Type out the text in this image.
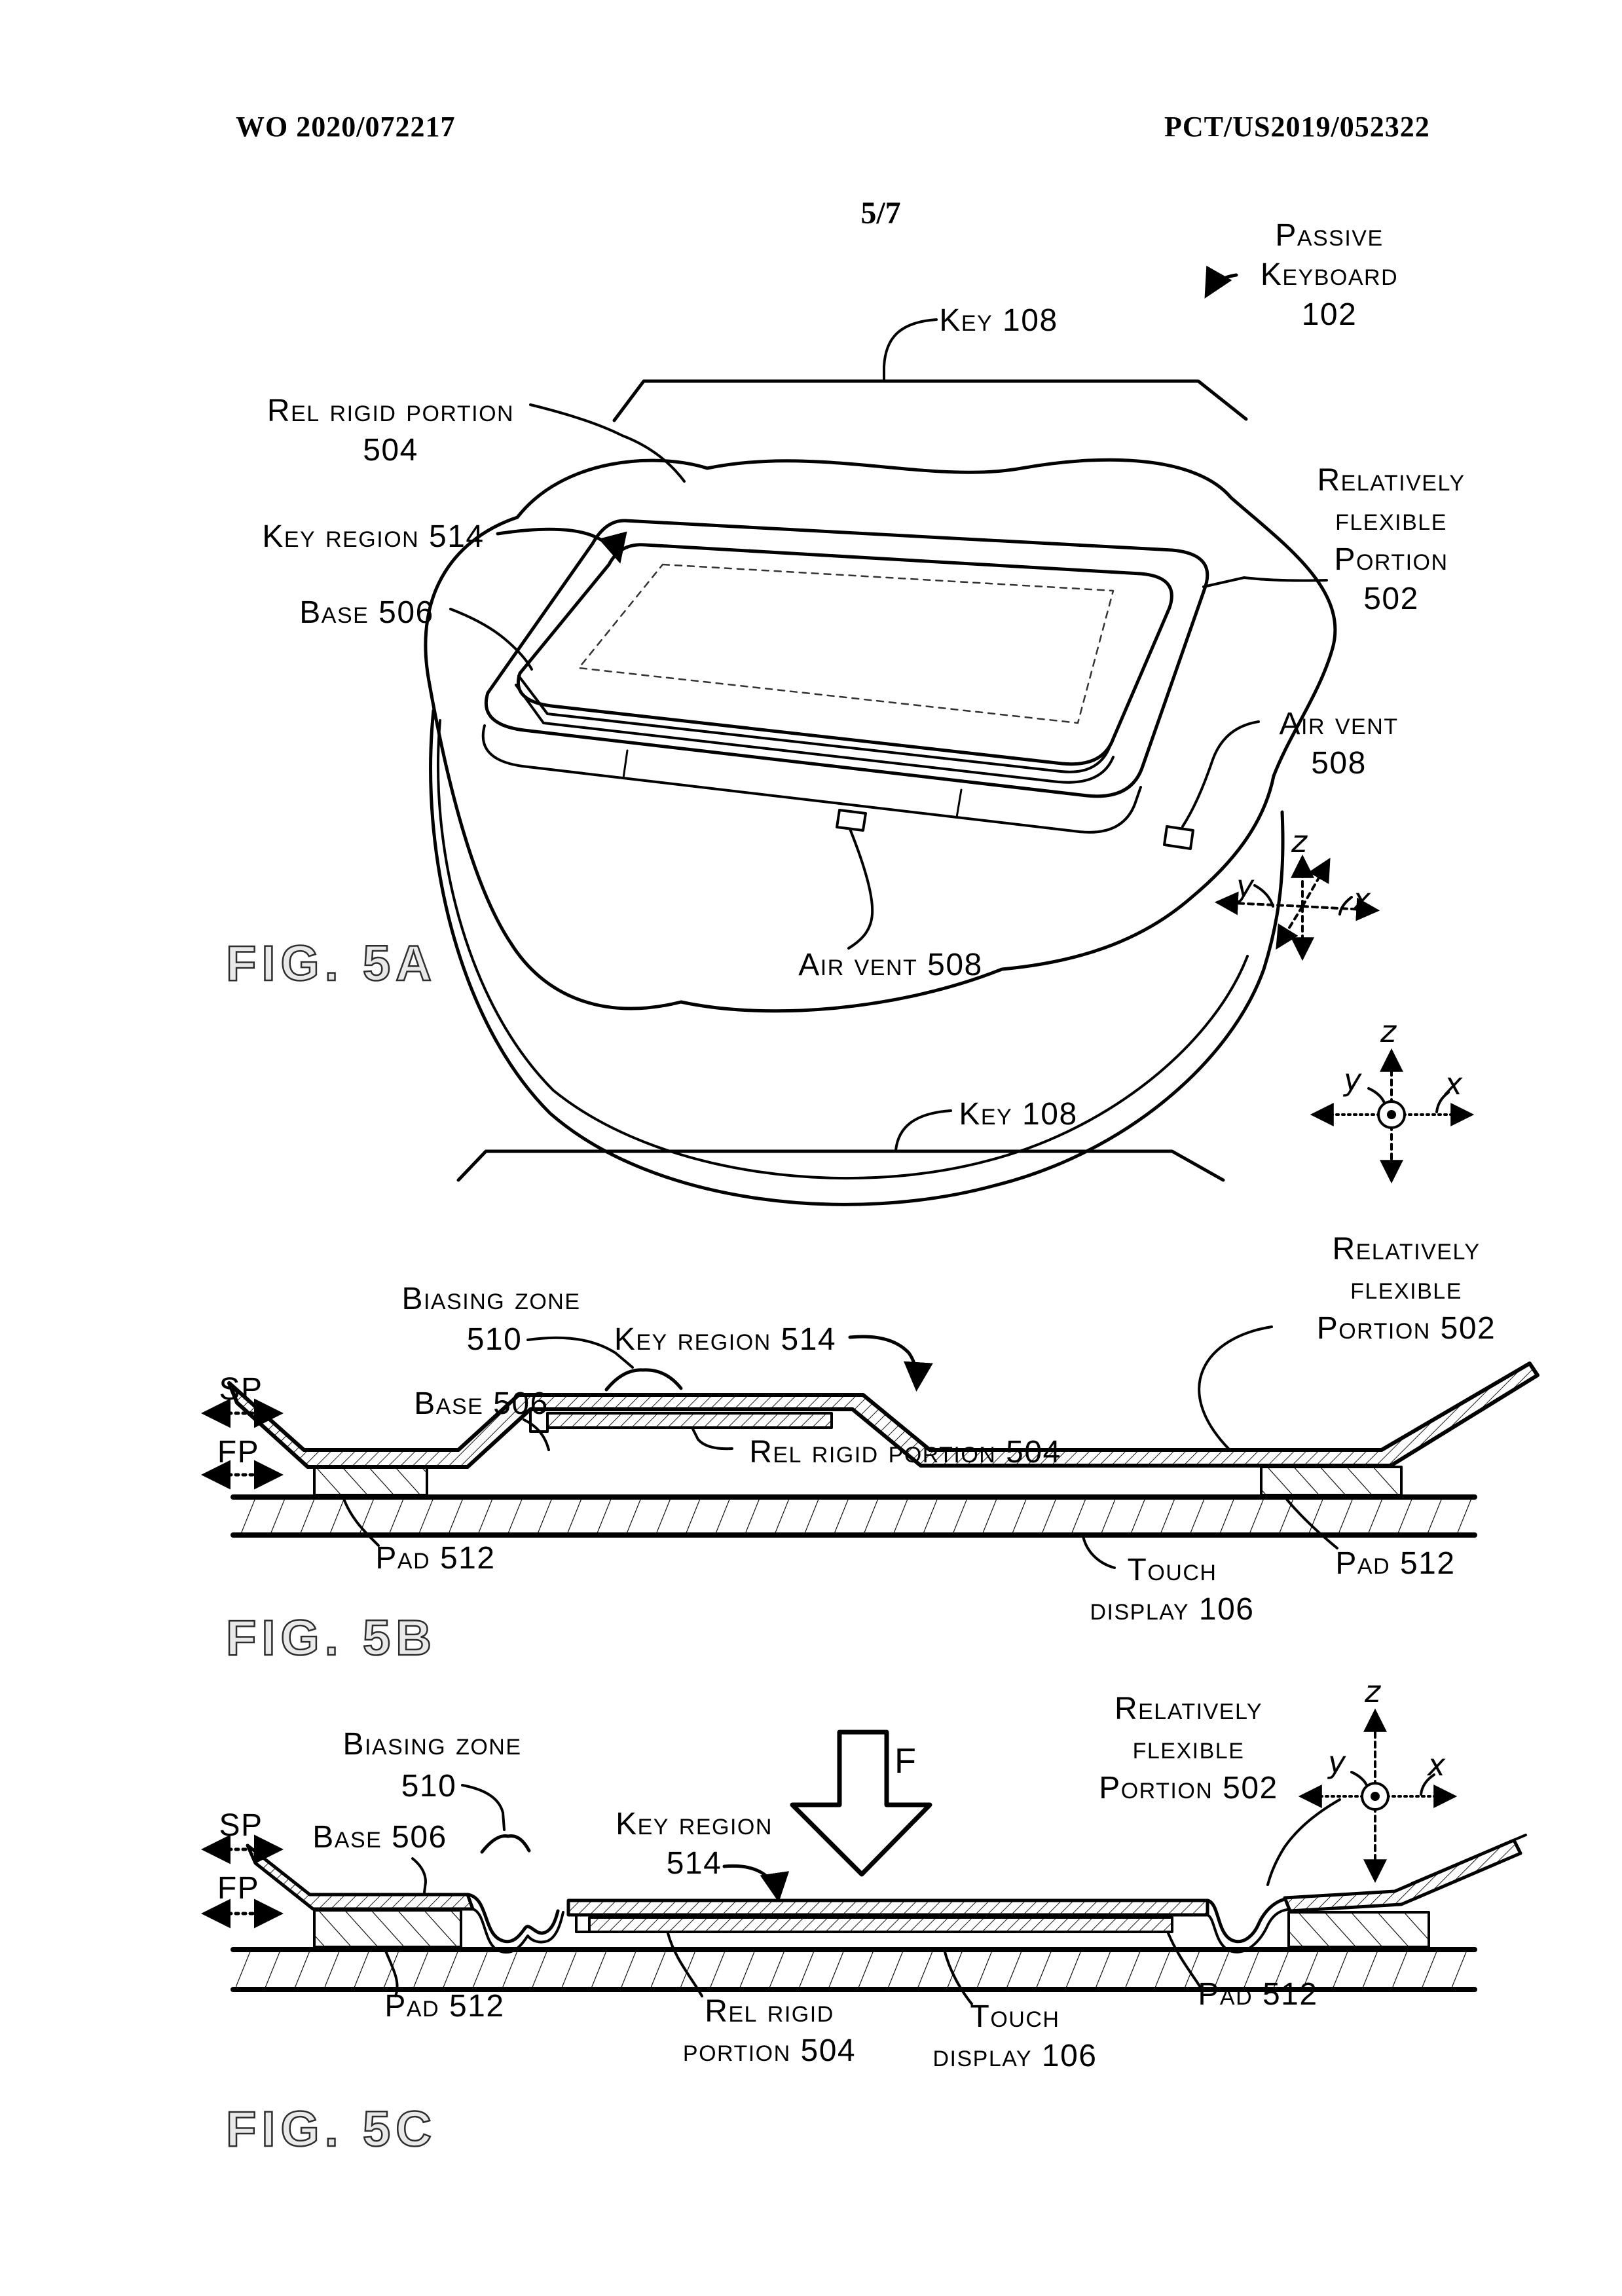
WO 2020/072217	PCT/US2019/052322
5/7
Key 108
Passive
Keyboard
102
Rel rigid portion
504
Key region 514
Base 506
Relatively
flexible
Portion
502
Air vent
508
Air vent 508
FIG. 5A
z
y	x
Key 108
Biasing zone
510
SP
FP
Base 506
Key region 514
Rel rigid portion 504
Relatively
flexible
Portion 502
Pad 512	Touch
display 106
Pad 512
FIG. 5B
z
y	x
Biasing zone
510
SP
FP
Base 506	Key region
514
F
Relatively
flexible
Portion 502
Pad 512	Rel rigid
portion 504
Touch
display 106
Pad 512
FIG. 5C
z
y	x
